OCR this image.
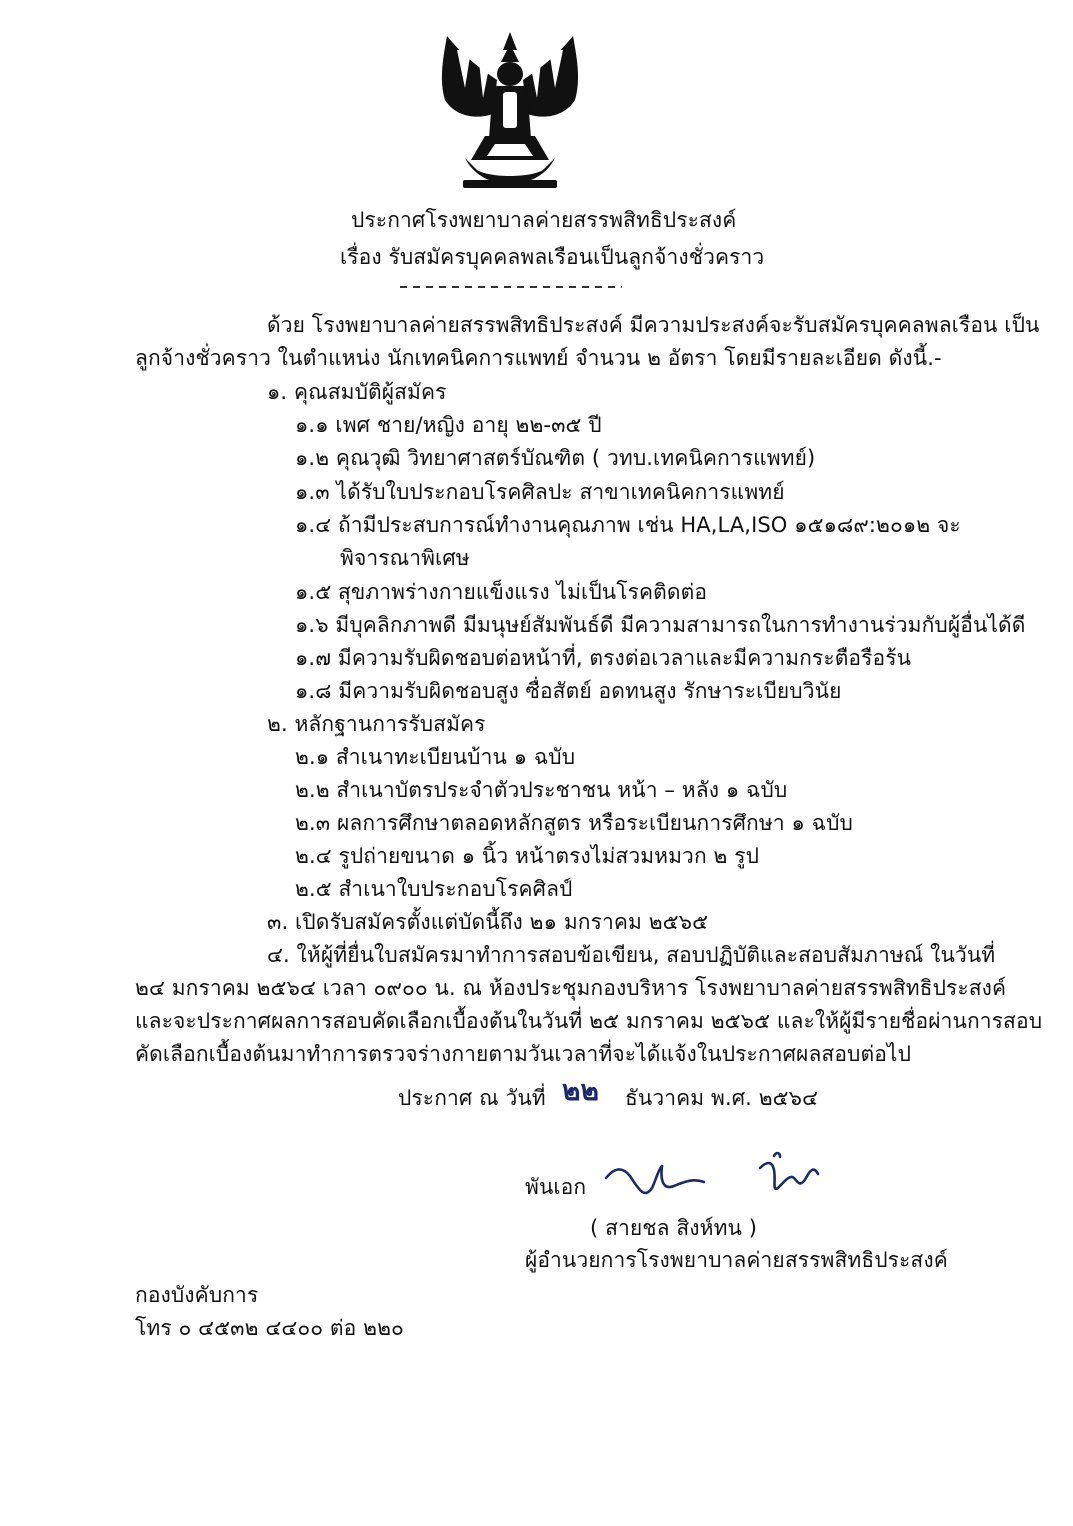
ประกาศโรงพยาบาลค่ายสรรพสิทธิประสงค์
เรื่อง รับสมัครบุคคลพลเรือนเป็นลูกจ้างชั่วคราว
ด้วย โรงพยาบาลค่ายสรรพสิทธิประสงค์ มีความประสงค์จะรับสมัครบุคคลพลเรือน เป็น
ลูกจ้างชั่วคราว ในตำแหน่ง นักเทคนิคการแพทย์ จำนวน ๒ อัตรา โดยมีรายละเอียด ดังนี้.-
๑. คุณสมบัติผู้สมัคร
๑.๑ เพศ ชาย/หญิง อายุ ๒๒-๓๕ ปี
๑.๒ คุณวุฒิ วิทยาศาสตร์บัณฑิต ( วทบ.เทคนิคการแพทย์)
๑.๓ ได้รับใบประกอบโรคศิลปะ สาขาเทคนิคการแพทย์
๑.๔ ถ้ามีประสบการณ์ทำงานคุณภาพ เช่น HA,LA,ISO ๑๕๑๘๙:๒๐๑๒ จะ
พิจารณาพิเศษ
๑.๕ สุขภาพร่างกายแข็งแรง ไม่เป็นโรคติดต่อ
๑.๖ มีบุคลิกภาพดี มีมนุษย์สัมพันธ์ดี มีความสามารถในการทำงานร่วมกับผู้อื่นได้ดี
๑.๗ มีความรับผิดชอบต่อหน้าที่, ตรงต่อเวลาและมีความกระตือรือร้น
๑.๘ มีความรับผิดชอบสูง ซื่อสัตย์ อดทนสูง รักษาระเบียบวินัย
๒. หลักฐานการรับสมัคร
๒.๑ สำเนาทะเบียนบ้าน ๑ ฉบับ
๒.๒ สำเนาบัตรประจำตัวประชาชน หน้า – หลัง ๑ ฉบับ
๒.๓ ผลการศึกษาตลอดหลักสูตร หรือระเบียนการศึกษา ๑ ฉบับ
๒.๔ รูปถ่ายขนาด ๑ นิ้ว หน้าตรงไม่สวมหมวก ๒ รูป
๒.๕ สำเนาใบประกอบโรคศิลป์
๓. เปิดรับสมัครตั้งแต่บัดนี้ถึง ๒๑ มกราคม ๒๕๖๕
๔. ให้ผู้ที่ยื่นใบสมัครมาทำการสอบข้อเขียน, สอบปฏิบัติและสอบสัมภาษณ์ ในวันที่
๒๔ มกราคม ๒๕๖๔ เวลา ๐๙๐๐ น. ณ ห้องประชุมกองบริหาร โรงพยาบาลค่ายสรรพสิทธิประสงค์
และจะประกาศผลการสอบคัดเลือกเบื้องต้นในวันที่ ๒๕ มกราคม ๒๕๖๕ และให้ผู้มีรายชื่อผ่านการสอบ
คัดเลือกเบื้องต้นมาทำการตรวจร่างกายตามวันเวลาที่จะได้แจ้งในประกาศผลสอบต่อไป
ประกาศ ณ วันที่ ๒๒ ธันวาคม พ.ศ. ๒๕๖๔
พันเอก
( สายชล สิงห์ทน )
ผู้อำนวยการโรงพยาบาลค่ายสรรพสิทธิประสงค์
กองบังคับการ
โทร ๐ ๔๕๓๒ ๔๔๐๐ ต่อ ๒๒๐
